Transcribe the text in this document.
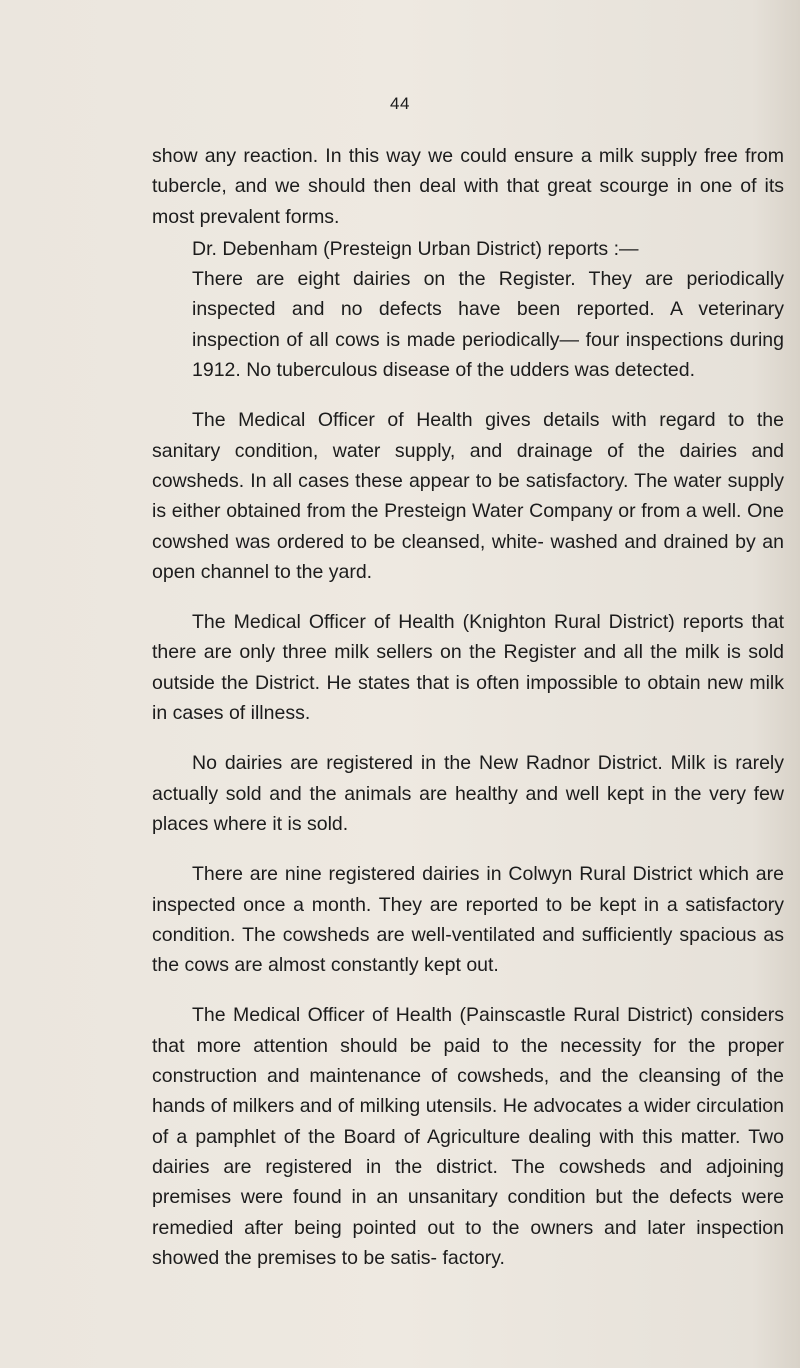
44

show any reaction. In this way we could ensure a milk supply free from tubercle, and we should then deal with that great scourge in one of its most prevalent forms.

Dr. Debenham (Presteign Urban District) reports :—

There are eight dairies on the Register. They are periodically inspected and no defects have been reported. A veterinary inspection of all cows is made periodically— four inspections during 1912. No tuberculous disease of the udders was detected.

The Medical Officer of Health gives details with regard to the sanitary condition, water supply, and drainage of the dairies and cowsheds. In all cases these appear to be satisfactory. The water supply is either obtained from the Presteign Water Company or from a well. One cowshed was ordered to be cleansed, white- washed and drained by an open channel to the yard.

The Medical Officer of Health (Knighton Rural District) reports that there are only three milk sellers on the Register and all the milk is sold outside the District. He states that is often impossible to obtain new milk in cases of illness.

No dairies are registered in the New Radnor District. Milk is rarely actually sold and the animals are healthy and well kept in the very few places where it is sold.

There are nine registered dairies in Colwyn Rural District which are inspected once a month. They are reported to be kept in a satisfactory condition. The cowsheds are well-ventilated and sufficiently spacious as the cows are almost constantly kept out.

The Medical Officer of Health (Painscastle Rural District) considers that more attention should be paid to the necessity for the proper construction and maintenance of cowsheds, and the cleansing of the hands of milkers and of milking utensils. He advocates a wider circulation of a pamphlet of the Board of Agriculture dealing with this matter. Two dairies are registered in the district. The cowsheds and adjoining premises were found in an unsanitary condition but the defects were remedied after being pointed out to the owners and later inspection showed the premises to be satis- factory.
